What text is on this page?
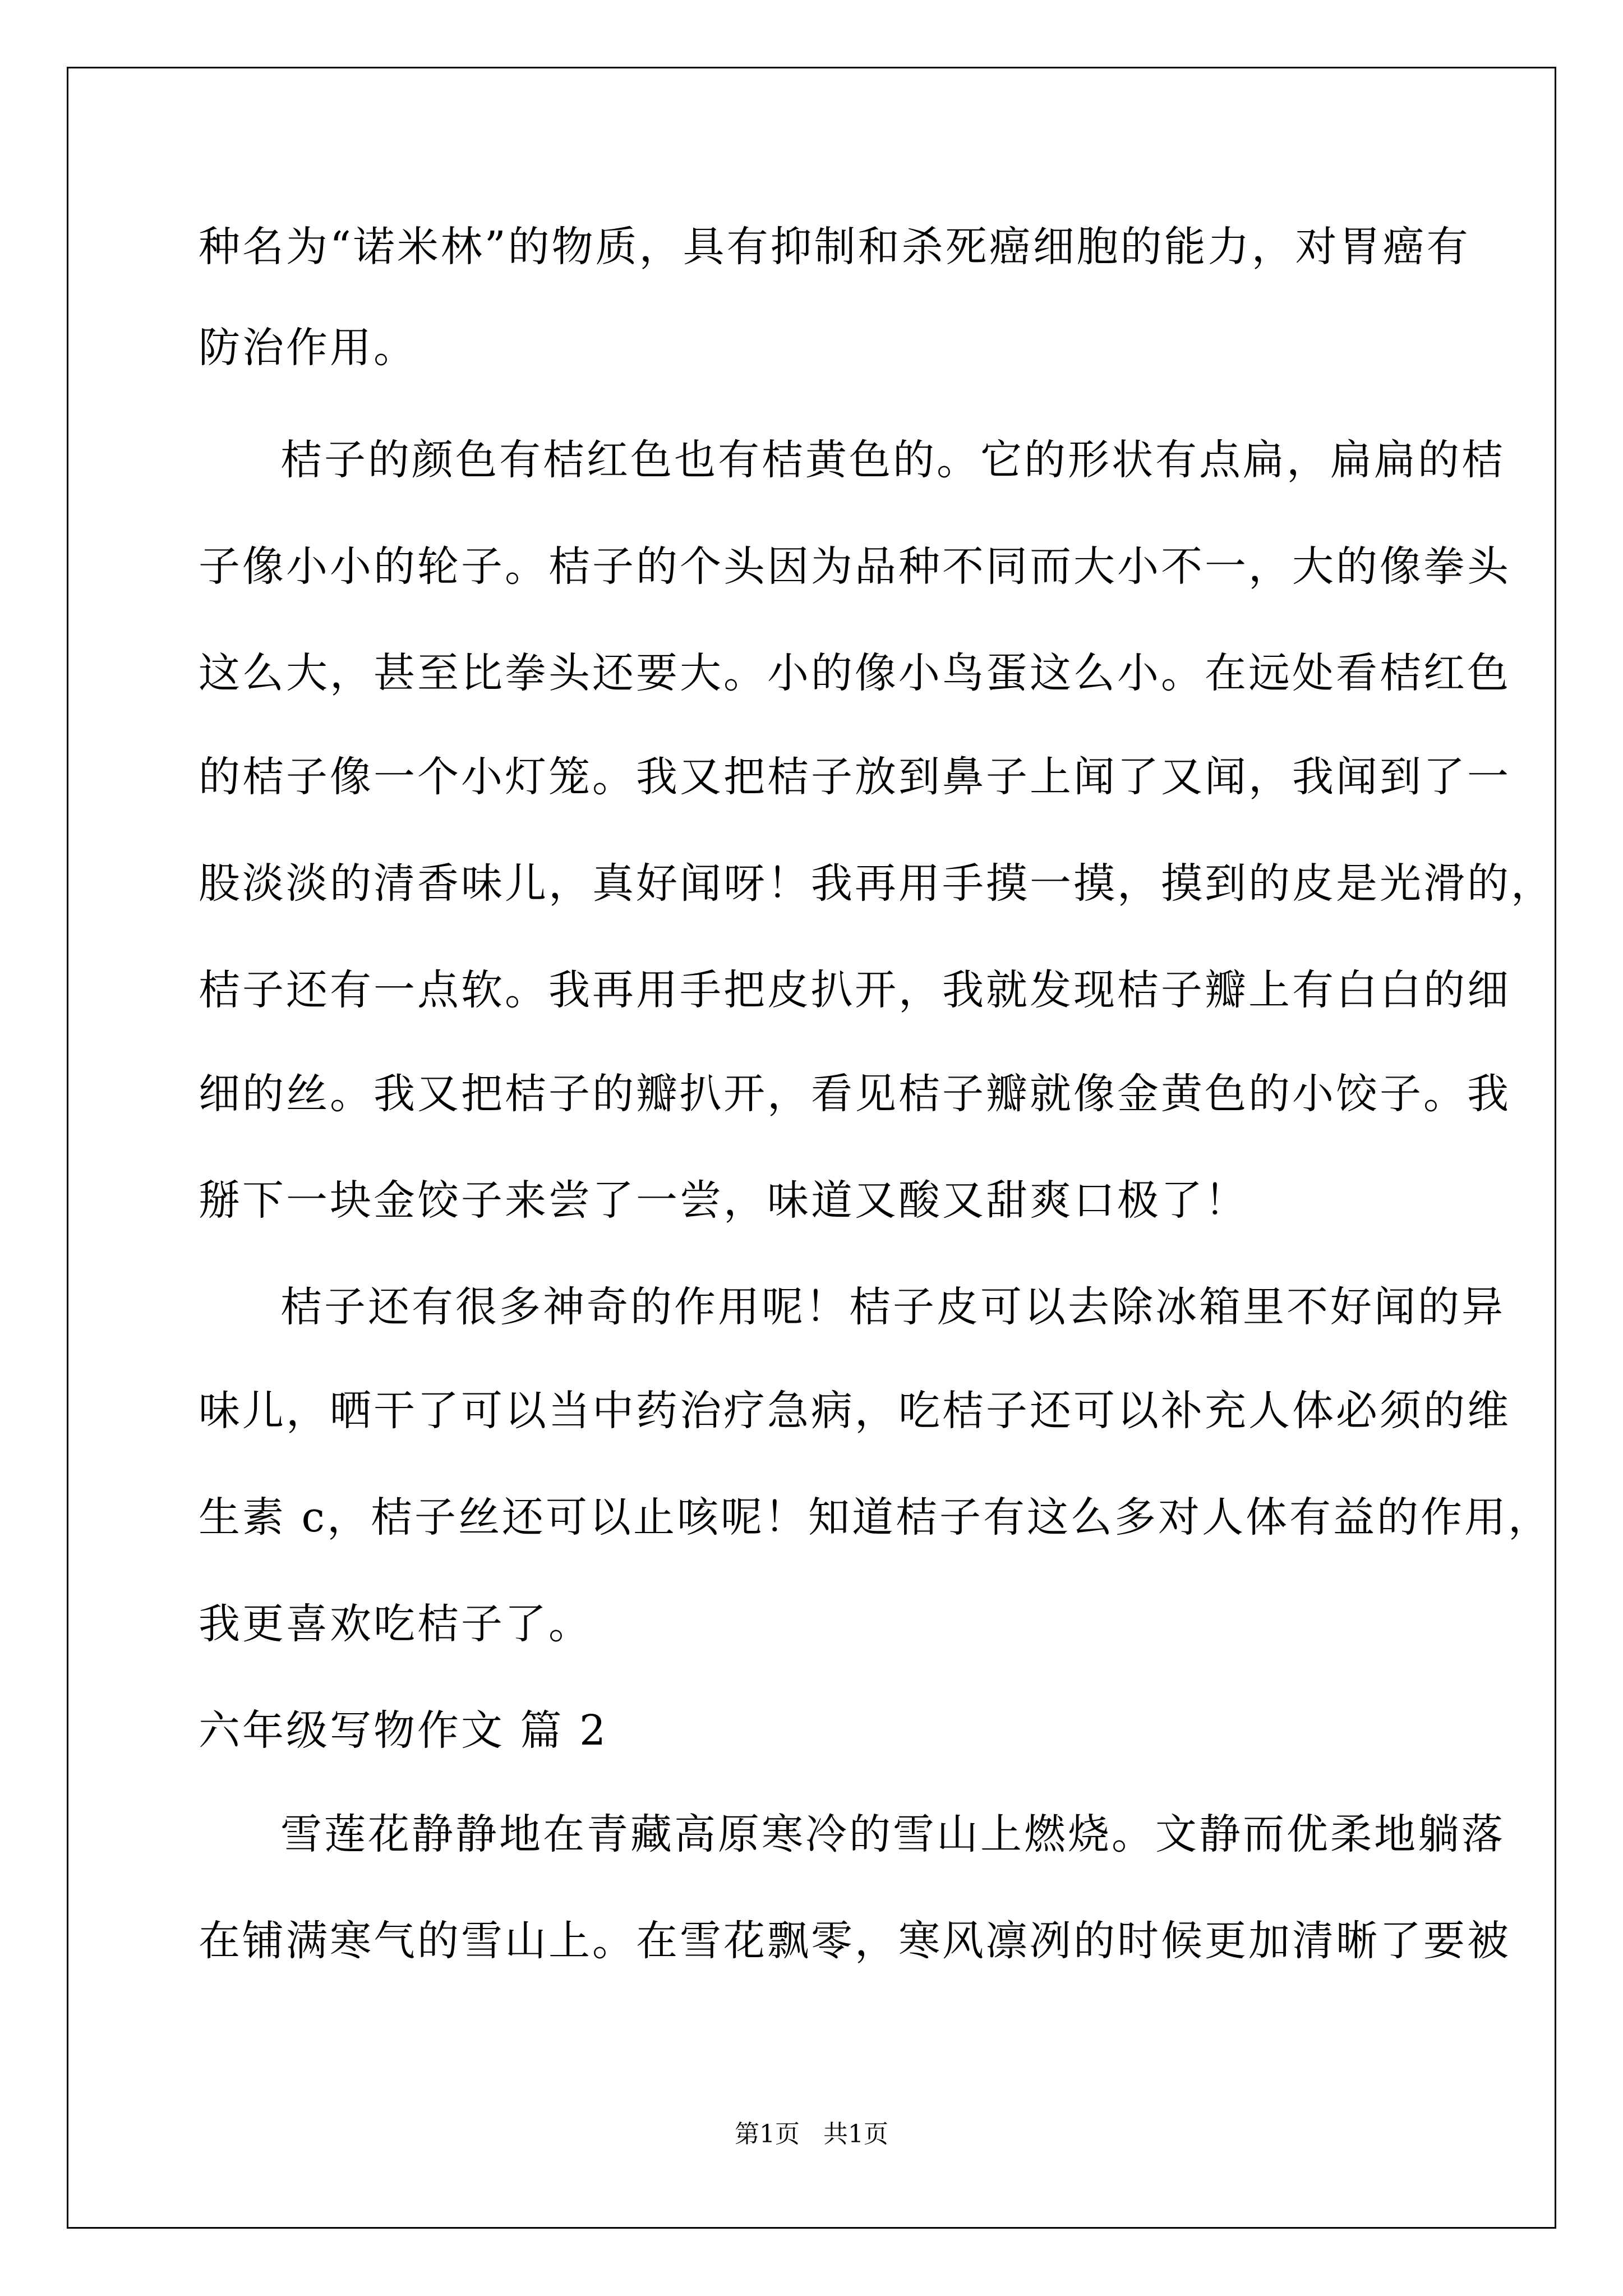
种名为“诺米林”的物质，具有抑制和杀死癌细胞的能力，对胃癌有
防治作用。
桔子的颜色有桔红色也有桔黄色的。它的形状有点扁，扁扁的桔
子像小小的轮子。桔子的个头因为品种不同而大小不一，大的像拳头
这么大，甚至比拳头还要大。小的像小鸟蛋这么小。在远处看桔红色
的桔子像一个小灯笼。我又把桔子放到鼻子上闻了又闻，我闻到了一
股淡淡的清香味儿，真好闻呀！我再用手摸一摸，摸到的皮是光滑的，
桔子还有一点软。我再用手把皮扒开，我就发现桔子瓣上有白白的细
细的丝。我又把桔子的瓣扒开，看见桔子瓣就像金黄色的小饺子。我
掰下一块金饺子来尝了一尝，味道又酸又甜爽口极了！
桔子还有很多神奇的作用呢！桔子皮可以去除冰箱里不好闻的异
味儿，晒干了可以当中药治疗急病，吃桔子还可以补充人体必须的维
生素 c，桔子丝还可以止咳呢！知道桔子有这么多对人体有益的作用，
我更喜欢吃桔子了。
六年级写物作文 篇 2
雪莲花静静地在青藏高原寒冷的雪山上燃烧。文静而优柔地躺落
在铺满寒气的雪山上。在雪花飘零，寒风凛冽的时候更加清晰了要被
第1页 共1页
